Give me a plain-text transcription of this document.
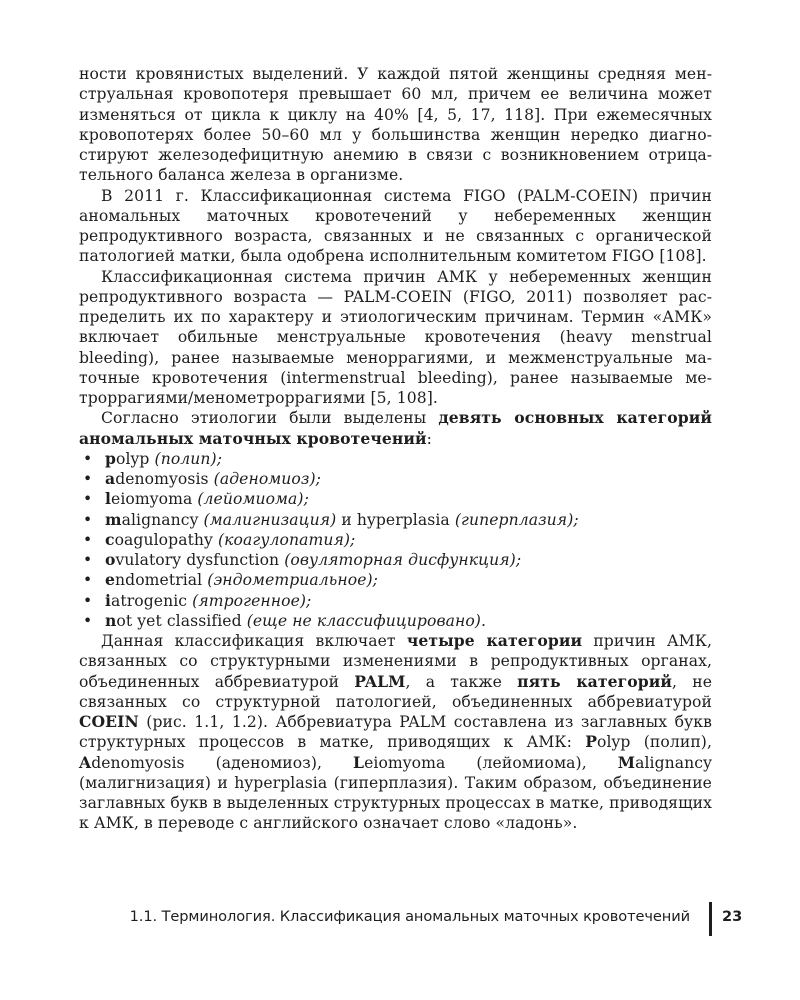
ности кровянистых выделений. У каждой пятой женщины средняя менструальная кровопотеря превышает 60 мл, причем ее величина может изменяться от цикла к циклу на 40% [4, 5, 17, 118]. При ежемесячных кровопотерях более 50–60 мл у большинства женщин нередко диагностируют железодефицитную анемию в связи с возникновением отрицательного баланса железа в организме.

В 2011 г. Классификационная система FIGO (PALM-COEIN) причин аномальных маточных кровотечений у небеременных женщин репродуктивного возраста, связанных и не связанных с органической патологией матки, была одобрена исполнительным комитетом FIGO [108].

Классификационная система причин АМК у небеременных женщин репродуктивного возраста — PALM-COEIN (FIGO, 2011) позволяет распределить их по характеру и этиологическим причинам. Термин «АМК» включает обильные менструальные кровотечения (heavy menstrual bleeding), ранее называемые меноррагиями, и межменструальные маточные кровотечения (intermenstrual bleeding), ранее называемые метроррагиями/менометроррагиями [5, 108].

Согласно этиологии были выделены девять основных категорий аномальных маточных кровотечений:

• polyp (полип);
• adenomyosis (аденомиоз);
• leiomyoma (лейомиома);
• malignancy (малигнизация) и hyperplasia (гиперплазия);
• coagulopathy (коагулопатия);
• ovulatory dysfunction (овуляторная дисфункция);
• endometrial (эндометриальное);
• iatrogenic (ятрогенное);
• not yet classified (еще не классифицировано).

Данная классификация включает четыре категории причин АМК, связанных со структурными изменениями в репродуктивных органах, объединенных аббревиатурой PALM, а также пять категорий, не связанных со структурной патологией, объединенных аббревиатурой COEIN (рис. 1.1, 1.2). Аббревиатура PALM составлена из заглавных букв структурных процессов в матке, приводящих к АМК: Polyp (полип), Adenomyosis (аденомиоз), Leiomyoma (лейомиома), Malignancy (малигнизация) и hyperplasia (гиперплазия). Таким образом, объединение заглавных букв в выделенных структурных процессах в матке, приводящих к АМК, в переводе с английского означает слово «ладонь».

1.1. Терминология. Классификация аномальных маточных кровотечений 23
